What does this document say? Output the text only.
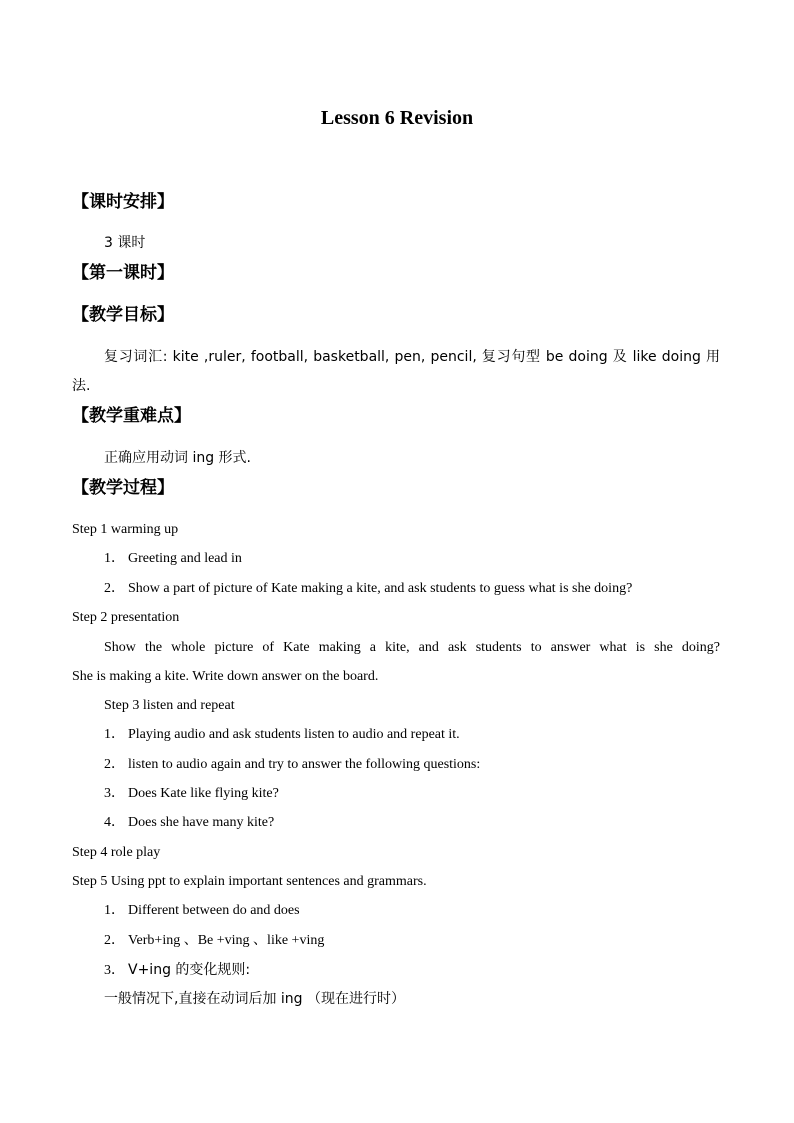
Lesson 6 Revision
【课时安排】
3 课时
【第一课时】
【教学目标】
复习词汇: kite ,ruler, football, basketball, pen, pencil, 复习句型 be doing 及 like doing 用
法.
【教学重难点】
正确应用动词 ing 形式.
【教学过程】
Step 1 warming up
1． Greeting and lead in
2． Show a part of picture of Kate making a kite, and ask students to guess what is she doing?
Step 2 presentation
Show the whole picture of Kate making a kite, and ask students to answer what is she doing?
She is making a kite. Write down answer on the board.
Step 3 listen and repeat
1． Playing audio and ask students listen to audio and repeat it.
2． listen to audio again and try to answer the following questions:
3． Does Kate like flying kite?
4． Does she have many kite?
Step 4 role play
Step 5 Using ppt to explain important sentences and grammars.
1． Different between do and does
2． Verb+ing 、Be +ving 、like +ving
3． V+ing 的变化规则:
一般情况下,直接在动词后加 ing （现在进行时）
